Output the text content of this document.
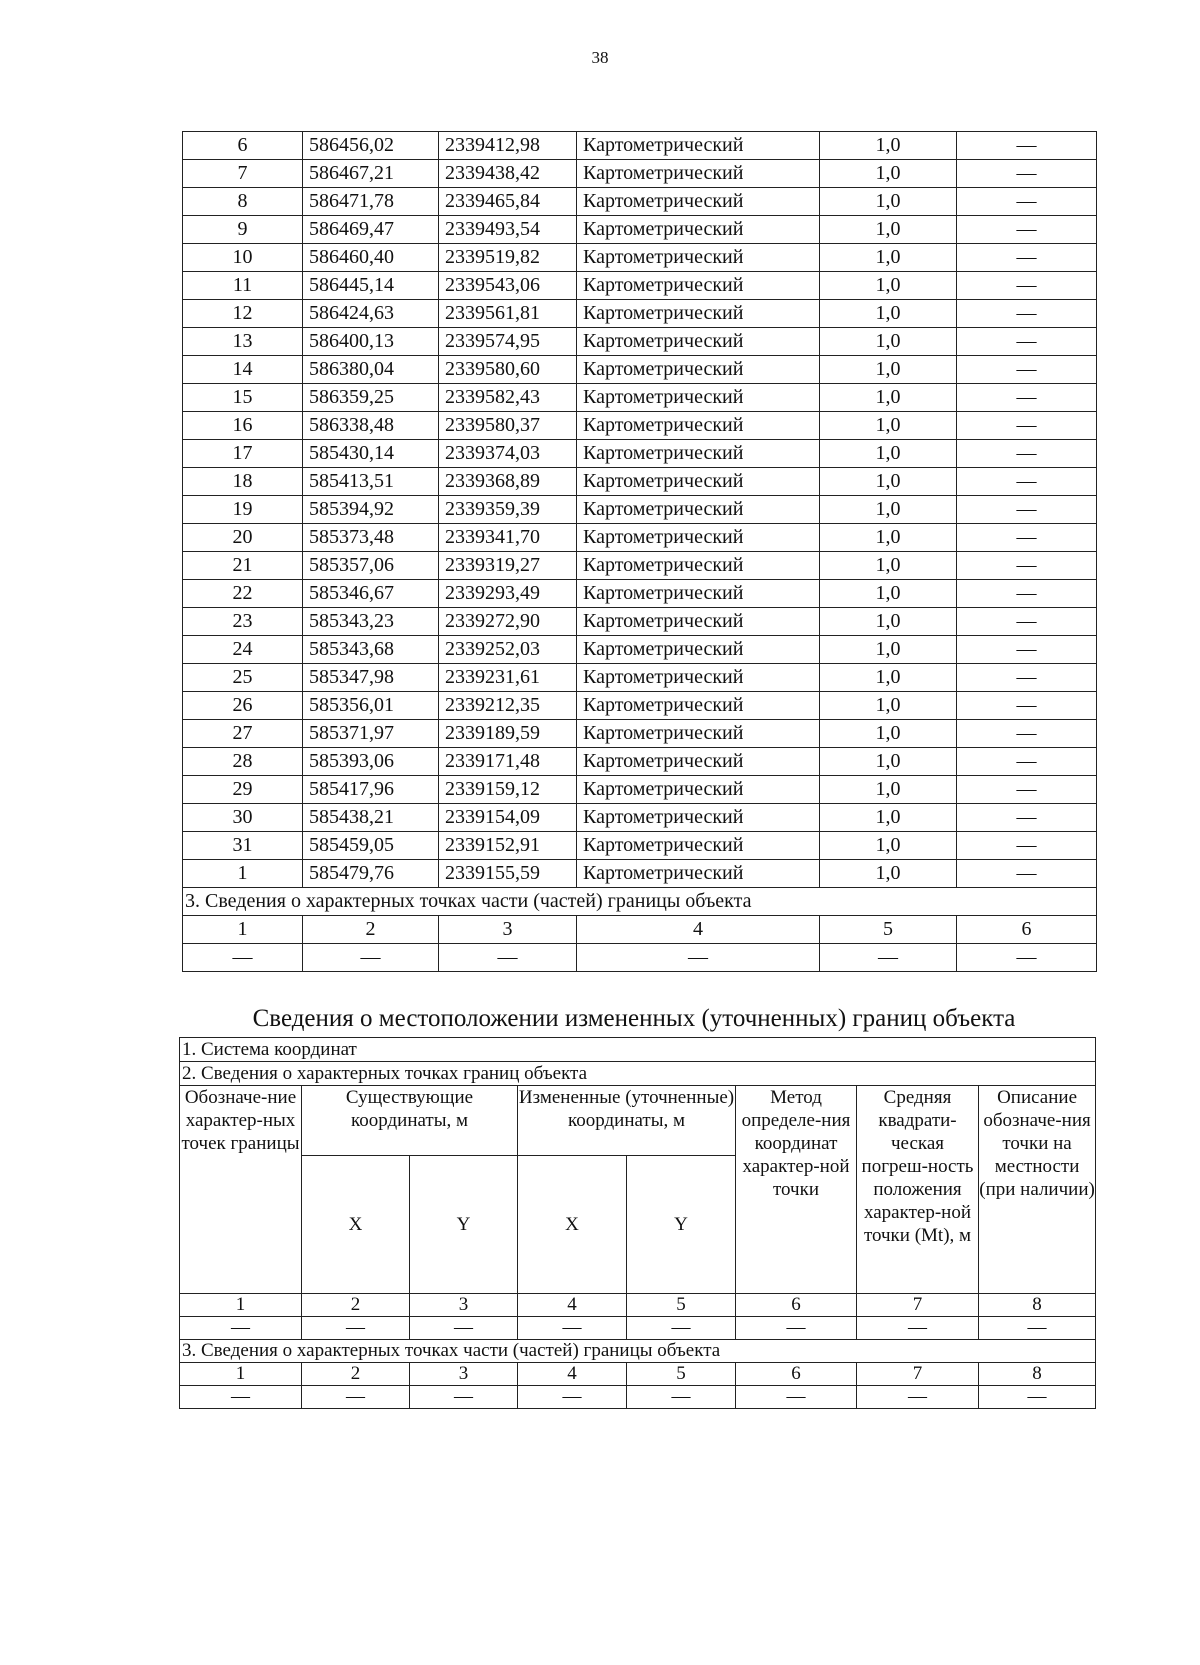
38
6	586456,02	2339412,98	Картометрический	1,0	—
7	586467,21	2339438,42	Картометрический	1,0	—
8	586471,78	2339465,84	Картометрический	1,0	—
9	586469,47	2339493,54	Картометрический	1,0	—
10	586460,40	2339519,82	Картометрический	1,0	—
11	586445,14	2339543,06	Картометрический	1,0	—
12	586424,63	2339561,81	Картометрический	1,0	—
13	586400,13	2339574,95	Картометрический	1,0	—
14	586380,04	2339580,60	Картометрический	1,0	—
15	586359,25	2339582,43	Картометрический	1,0	—
16	586338,48	2339580,37	Картометрический	1,0	—
17	585430,14	2339374,03	Картометрический	1,0	—
18	585413,51	2339368,89	Картометрический	1,0	—
19	585394,92	2339359,39	Картометрический	1,0	—
20	585373,48	2339341,70	Картометрический	1,0	—
21	585357,06	2339319,27	Картометрический	1,0	—
22	585346,67	2339293,49	Картометрический	1,0	—
23	585343,23	2339272,90	Картометрический	1,0	—
24	585343,68	2339252,03	Картометрический	1,0	—
25	585347,98	2339231,61	Картометрический	1,0	—
26	585356,01	2339212,35	Картометрический	1,0	—
27	585371,97	2339189,59	Картометрический	1,0	—
28	585393,06	2339171,48	Картометрический	1,0	—
29	585417,96	2339159,12	Картометрический	1,0	—
30	585438,21	2339154,09	Картометрический	1,0	—
31	585459,05	2339152,91	Картометрический	1,0	—
1	585479,76	2339155,59	Картометрический	1,0	—
3. Сведения о характерных точках части (частей) границы объекта					
1	2	3	4	5	6
—	—	—	—	—	—
Сведения о местоположении измененных (уточненных) границ объекта
1. Система координат							
2. Сведения о характерных точках границ объекта							
Обозначе-ние характер-ных точек границы	Существующие координаты, м		Измененные (уточненные) координаты, м		Метод определе-ния координат характер-ной точки	Средняя квадрати-ческая погреш-ность положения характер-ной точки (Mt), м	Описание обозначе-ния точки на местности (при наличии)
	X	Y	X	Y			
1	2	3	4	5	6	7	8
—	—	—	—	—	—	—	—
3. Сведения о характерных точках части (частей) границы объекта							
1	2	3	4	5	6	7	8
—	—	—	—	—	—	—	—
